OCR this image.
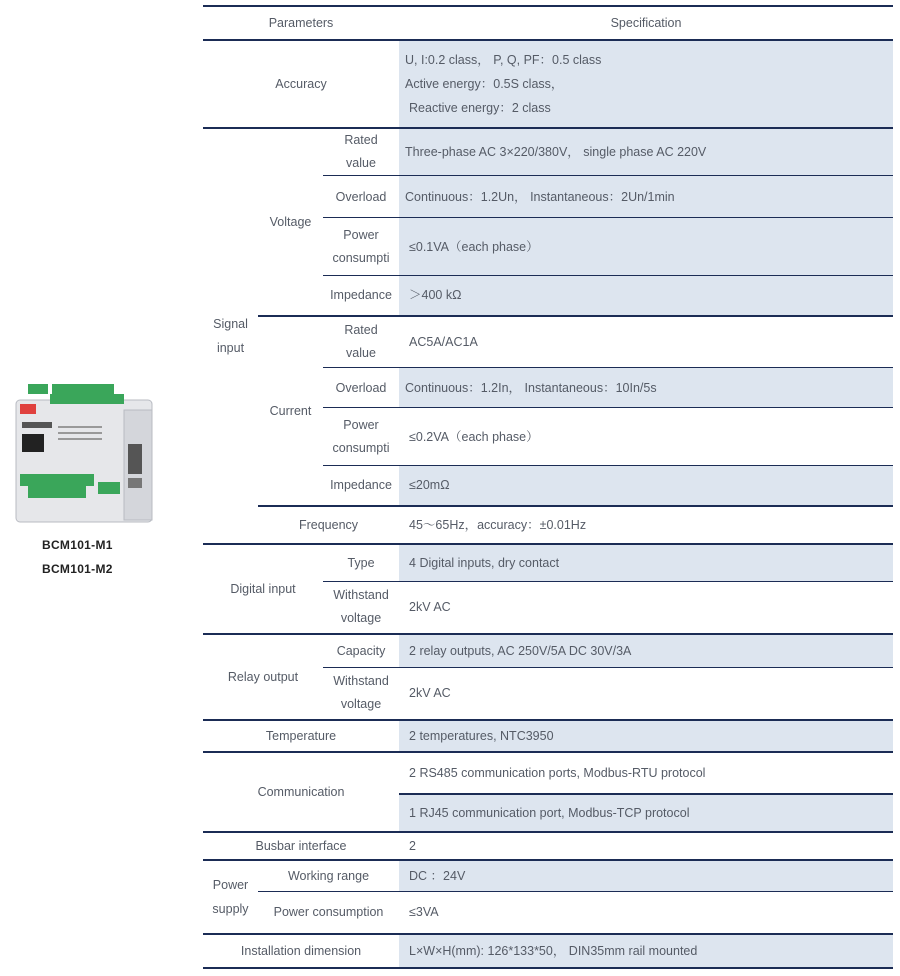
BCM101-M1
BCM101-M2
Parameters			Specification
Accuracy			U, I:0.2 class， P, Q, PF：0.5 class
Active energy：0.5S class，
Reactive energy：2 class

Signal input	Voltage	Rated value	Three-phase AC 3×220/380V， single phase AC 220V
		Overload	Continuous：1.2Un， Instantaneous：2Un/1min
		Power consumpti	≤0.1VA（each phase）
		Impedance	＞400 kΩ
	Current	Rated value	AC5A/AC1A
		Overload	Continuous：1.2In， Instantaneous：10In/5s
		Power consumpti	≤0.2VA（each phase）
		Impedance	≤20mΩ
	Frequency		45～65Hz，accuracy：±0.01Hz
Digital input		Type	4 Digital inputs, dry contact
		Withstand voltage	2kV AC
Relay output		Capacity	2 relay outputs, AC 250V/5A DC 30V/3A
		Withstand voltage	2kV AC
Temperature			2 temperatures, NTC3950
Communication			2 RS485 communication ports, Modbus-RTU protocol
			1 RJ45 communication port, Modbus-TCP protocol
Busbar interface			2
Power supply	Working range		DC ：24V
	Power consumption		≤3VA
Installation dimension			L×W×H(mm): 126*133*50， DIN35mm rail mounted
